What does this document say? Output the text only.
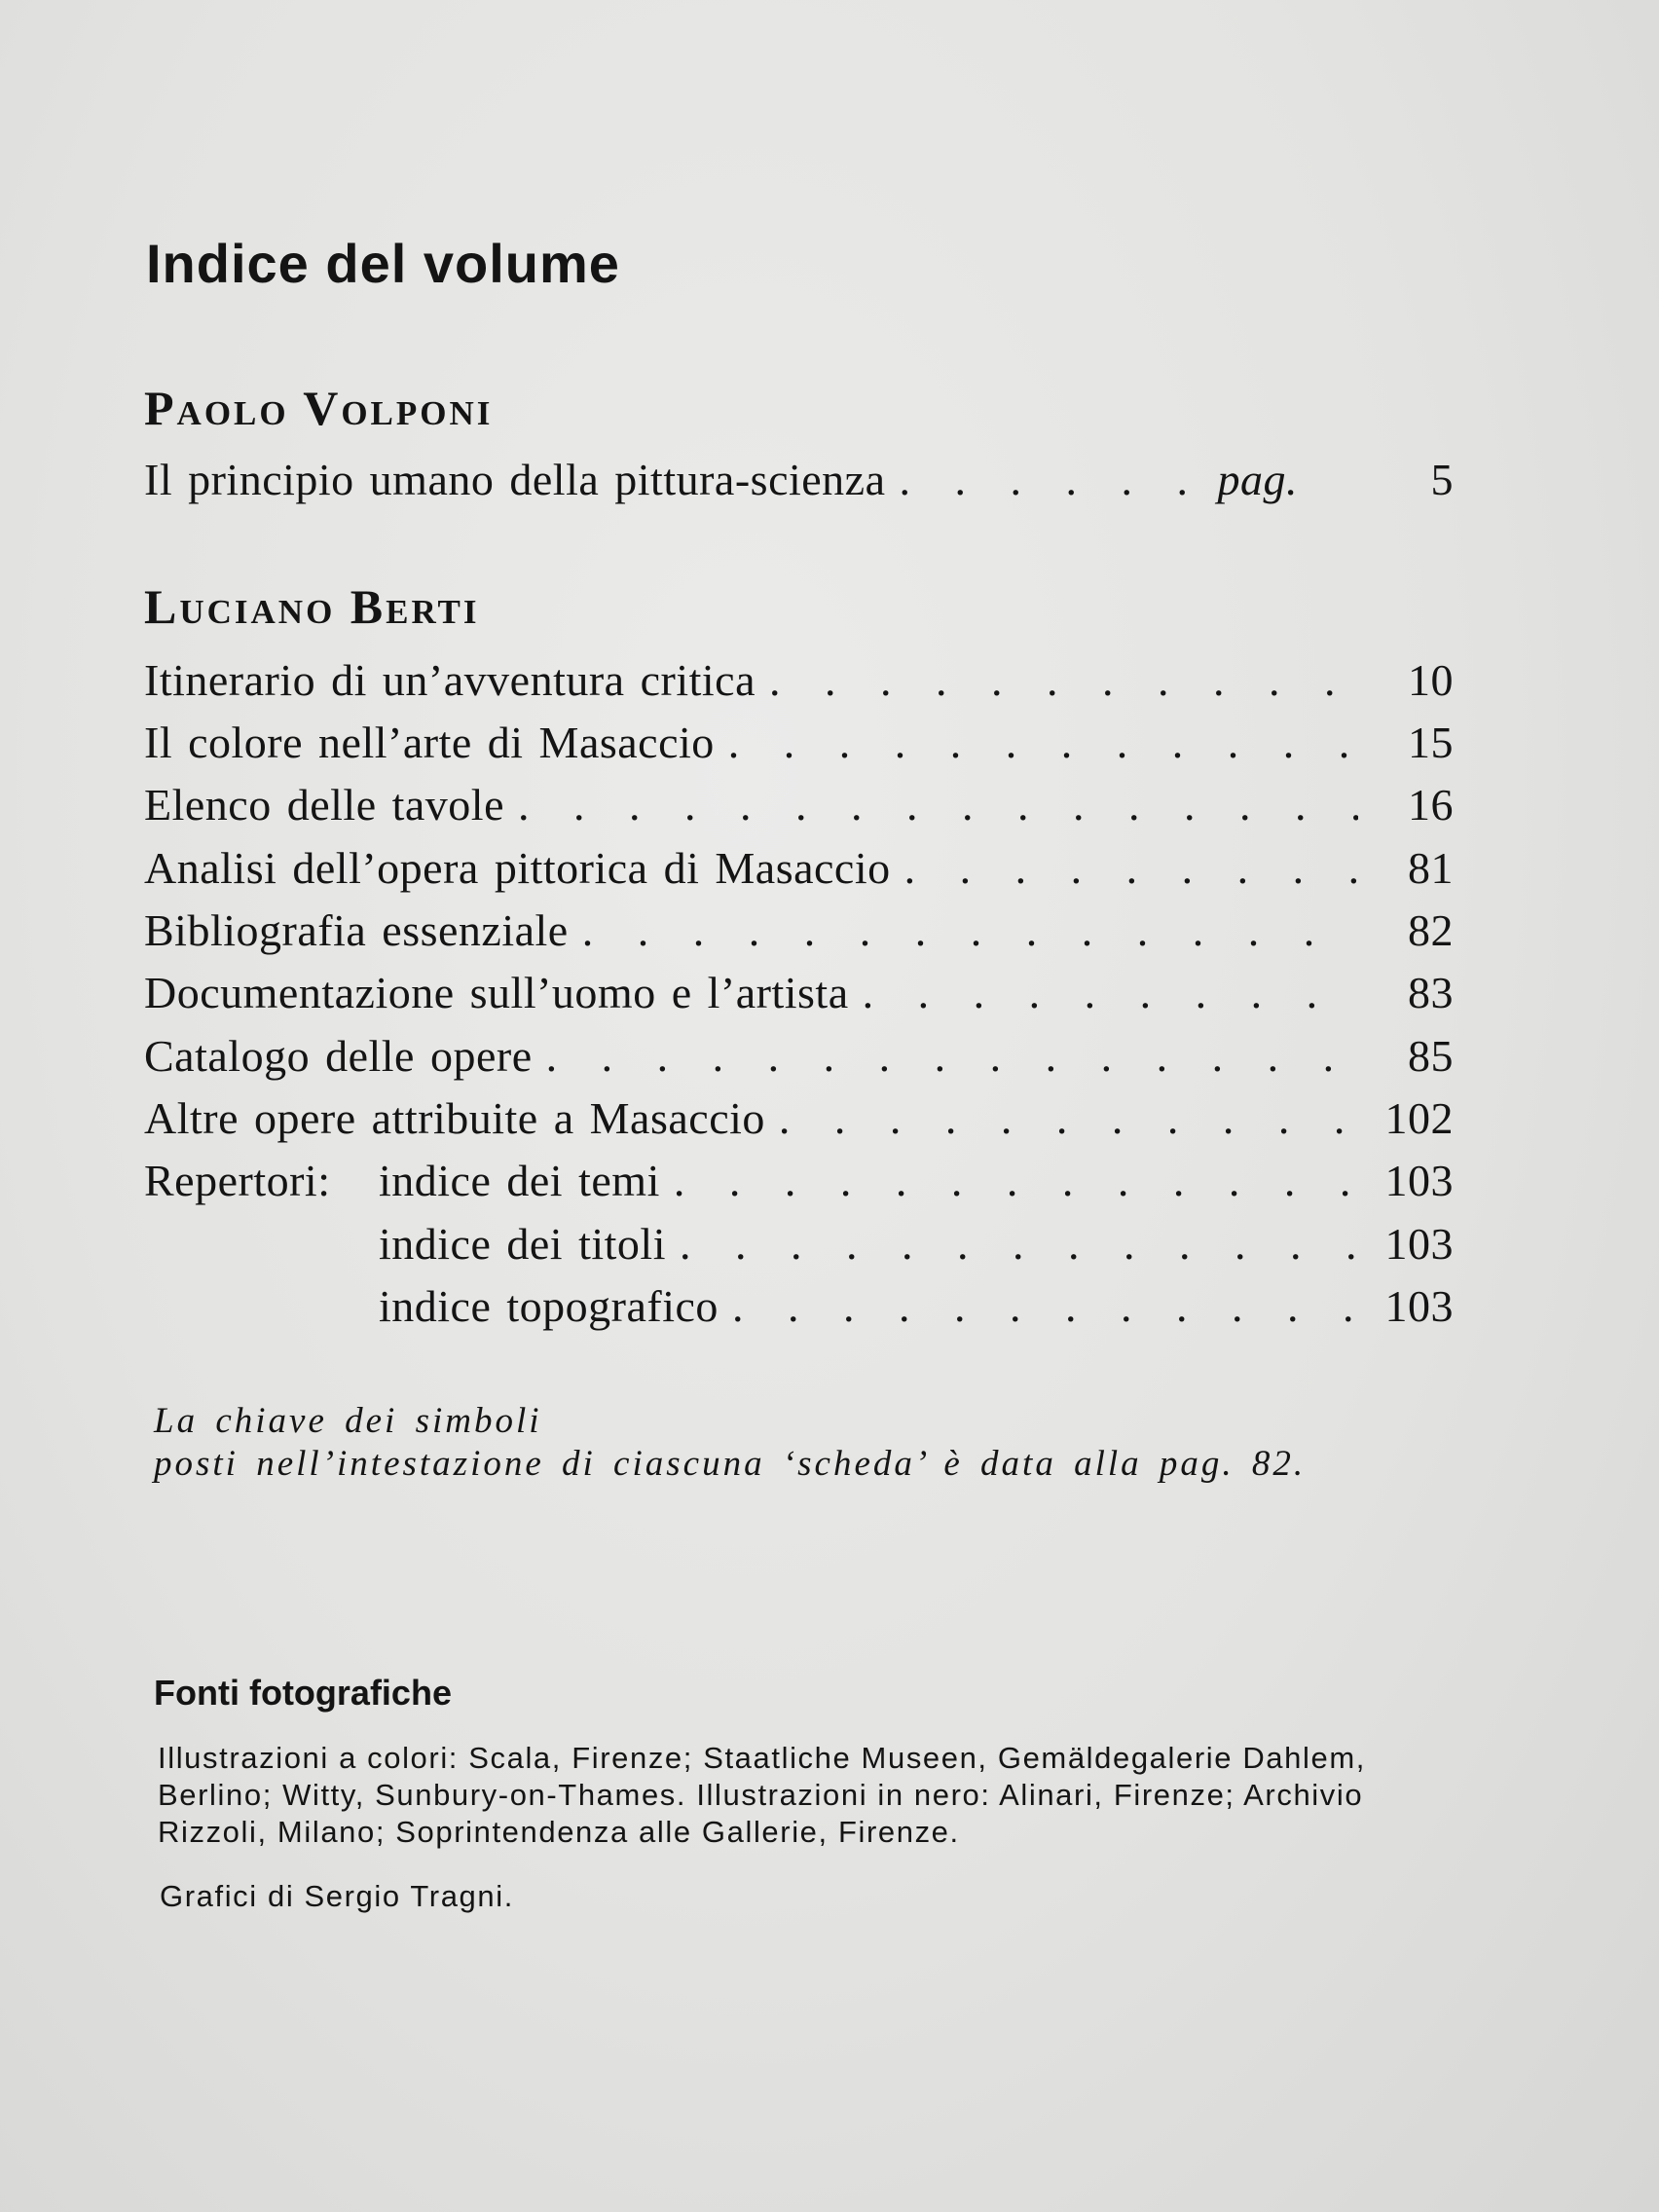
Indice del volume
Paolo Volponi
Il principio umano della pittura-scienza . . .	pag.	5
Luciano Berti
Itinerario di un’avventura critica . . .	10
Il colore nell’arte di Masaccio . . .	15
Elenco delle tavole . . .	16
Analisi dell’opera pittorica di Masaccio . . .	81
Bibliografia essenziale . . .	82
Documentazione sull’uomo e l’artista . . .	83
Catalogo delle opere . . .	85
Altre opere attribuite a Masaccio . . .	102
Repertori:	indice dei temi . . .	103
indice dei titoli . . .	103
indice topografico . . .	103

La chiave dei simboli

posti nell’intestazione di ciascuna ‘scheda’ è data alla pag. 82.

Fonti fotografiche

Illustrazioni a colori: Scala, Firenze; Staatliche Museen, Gemäldegalerie Dahlem,
Berlino; Witty, Sunbury-on-Thames. Illustrazioni in nero: Alinari, Firenze; Archivio
Rizzoli, Milano; Soprintendenza alle Gallerie, Firenze.

Grafici di Sergio Tragni.
